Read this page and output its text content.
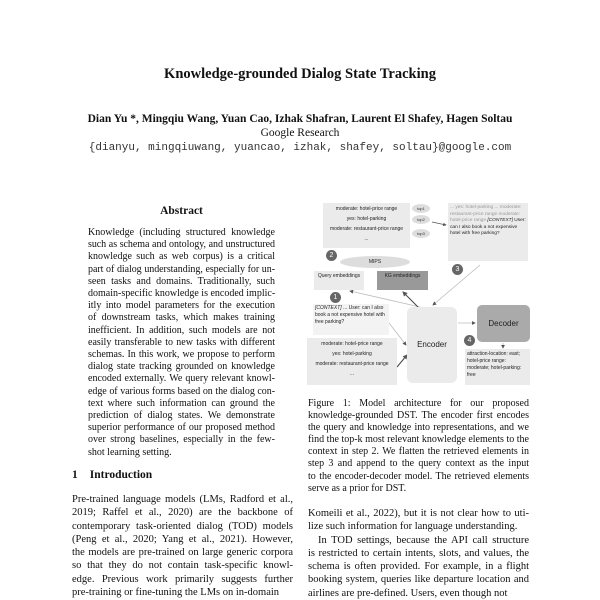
Knowledge-grounded Dialog State Tracking
Dian Yu *, Mingqiu Wang, Yuan Cao, Izhak Shafran, Laurent El Shafey, Hagen Soltau
Google Research
{dianyu, mingqiuwang, yuancao, izhak, shafey, soltau}@google.com
Abstract
Knowledge (including structured knowledge
such as schema and ontology, and unstructured
knowledge such as web corpus) is a critical
part of dialog understanding, especially for un-
seen tasks and domains. Traditionally, such
domain-specific knowledge is encoded implic-
itly into model parameters for the execution
of downstream tasks, which makes training
inefficient. In addition, such models are not
easily transferable to new tasks with different
schemas. In this work, we propose to perform
dialog state tracking grounded on knowledge
encoded externally. We query relevant knowl-
edge of various forms based on the dialog con-
text where such information can ground the
prediction of dialog states. We demonstrate
superior performance of our proposed method
over strong baselines, especially in the few-
shot learning setting.
1 Introduction
Pre-trained language models (LMs, Radford et al.,
2019; Raffel et al., 2020) are the backbone of
contemporary task-oriented dialog (TOD) models
(Peng et al., 2020; Yang et al., 2021). However,
the models are pre-trained on large generic corpora
so that they do not contain task-specific knowl-
edge. Previous work primarily suggests further
pre-training or fine-tuning the LMs on in-domain
moderate: hotel-price range
yes: hotel-parking
moderate: restaurant-price range
...
top1
top2
top3
... yes: hotel-parking ... moderate: restaurant-price range moderate: hotel-price range [CONTEXT] User: can I also book a not expensive hotel with free parking?
2
MIPS
3
Query embeddings	KG embeddings
1
[CONTEXT] ... User: can I also book a not expensive hotel with free parking?
moderate: hotel-price range
yes: hotel-parking
moderate: restaurant-price range
...
Encoder
Decoder
4
attraction-location: east; hotel-price range: moderate; hotel-parking: free
Figure 1: Model architecture for our proposed
knowledge-grounded DST. The encoder first encodes
the query and knowledge into representations, and we
find the top-k most relevant knowledge elements to the
context in step 2. We flatten the retrieved elements in
step 3 and append to the query context as the input
to the encoder-decoder model. The retrieved elements
serve as a prior for DST.
Komeili et al., 2022), but it is not clear how to uti-
lize such information for language understanding.
In TOD settings, because the API call structure
is restricted to certain intents, slots, and values, the
schema is often provided. For example, in a flight
booking system, queries like departure location and
airlines are pre-defined. Users, even though not
